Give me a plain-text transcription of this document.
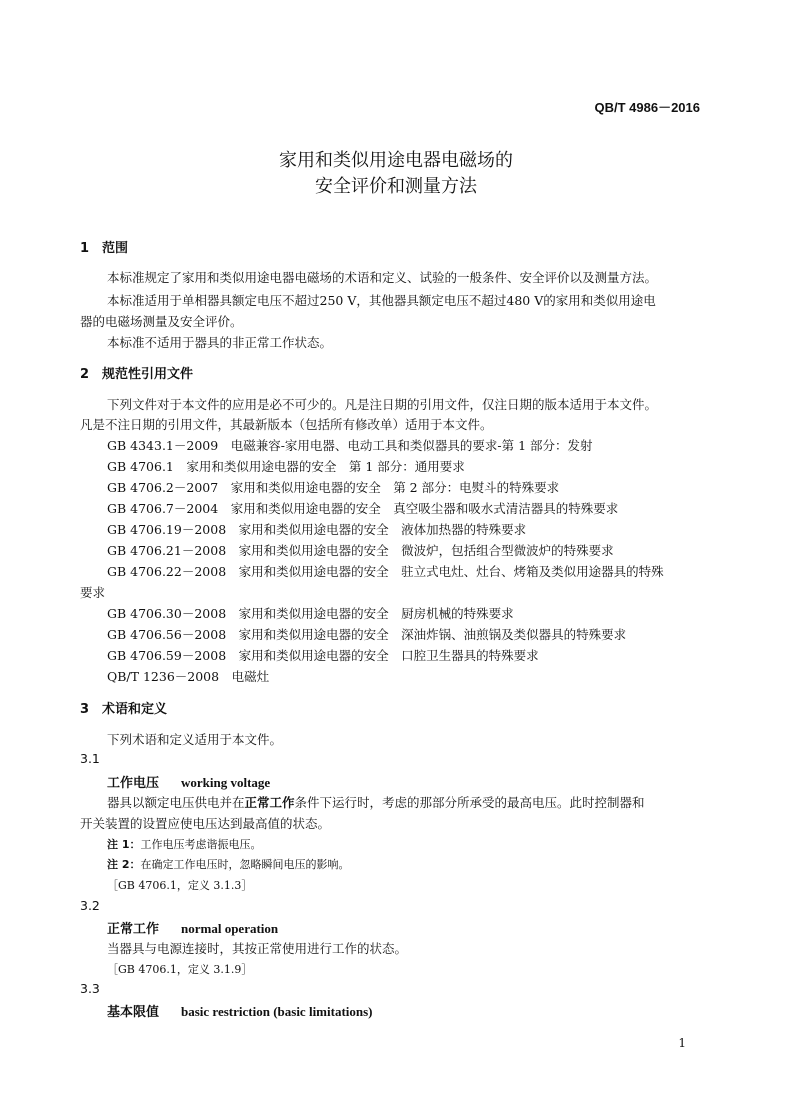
QB/T 4986－2016
家用和类似用途电器电磁场的
安全评价和测量方法
1　范围
本标准规定了家用和类似用途电器电磁场的术语和定义、试验的一般条件、安全评价以及测量方法。
本标准适用于单相器具额定电压不超过250 V，其他器具额定电压不超过480 V的家用和类似用途电
器的电磁场测量及安全评价。
本标准不适用于器具的非正常工作状态。
2　规范性引用文件
下列文件对于本文件的应用是必不可少的。凡是注日期的引用文件，仅注日期的版本适用于本文件。
凡是不注日期的引用文件，其最新版本（包括所有修改单）适用于本文件。
GB 4343.1－2009　电磁兼容-家用电器、电动工具和类似器具的要求-第 1 部分：发射
GB 4706.1　家用和类似用途电器的安全　第 1 部分：通用要求
GB 4706.2－2007　家用和类似用途电器的安全　第 2 部分：电熨斗的特殊要求
GB 4706.7－2004　家用和类似用途电器的安全　真空吸尘器和吸水式清洁器具的特殊要求
GB 4706.19－2008　家用和类似用途电器的安全　液体加热器的特殊要求
GB 4706.21－2008　家用和类似用途电器的安全　微波炉，包括组合型微波炉的特殊要求
GB 4706.22－2008　家用和类似用途电器的安全　驻立式电灶、灶台、烤箱及类似用途器具的特殊
要求
GB 4706.30－2008　家用和类似用途电器的安全　厨房机械的特殊要求
GB 4706.56－2008　家用和类似用途电器的安全　深油炸锅、油煎锅及类似器具的特殊要求
GB 4706.59－2008　家用和类似用途电器的安全　口腔卫生器具的特殊要求
QB/T 1236－2008　电磁灶
3　术语和定义
下列术语和定义适用于本文件。
3.1
工作电压 working voltage
器具以额定电压供电并在正常工作条件下运行时，考虑的那部分所承受的最高电压。此时控制器和
开关装置的设置应使电压达到最高值的状态。
注 1：工作电压考虑谐振电压。
注 2：在确定工作电压时，忽略瞬间电压的影响。
［GB 4706.1，定义 3.1.3］
3.2
正常工作 normal operation
当器具与电源连接时，其按正常使用进行工作的状态。
［GB 4706.1，定义 3.1.9］
3.3
基本限值 basic restriction (basic limitations)
1
